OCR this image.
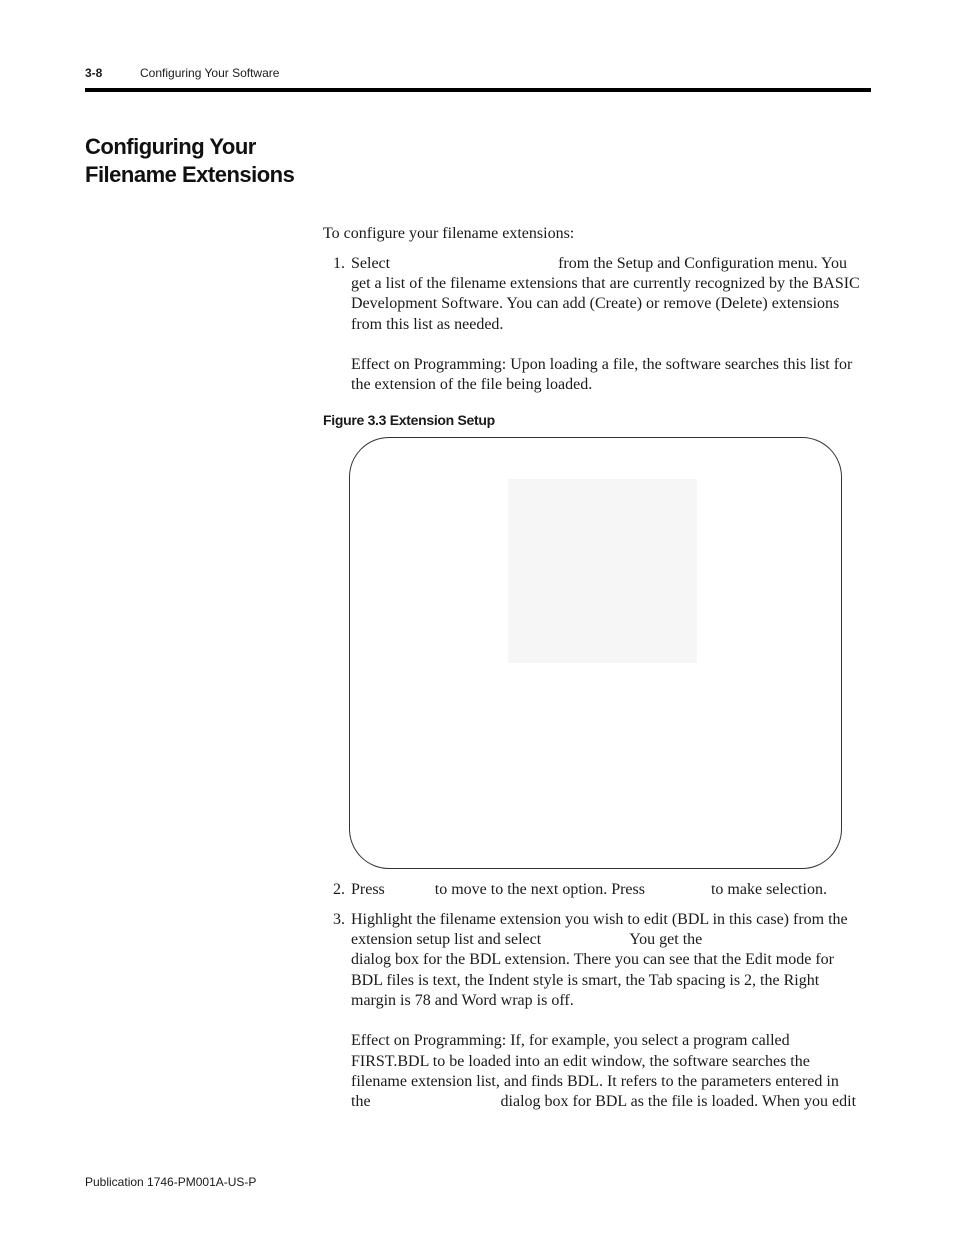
3-8	Configuring Your Software
Configuring Your
Filename Extensions

To configure your filename extensions:

1. Select	from the Setup and Configuration menu. You

get a list of the filename extensions that are currently recognized by the BASIC

Development Software. You can add (Create) or remove (Delete) extensions

from this list as needed.

Effect on Programming: Upon loading a file, the software searches this list for

the extension of the file being loaded.

Figure 3.3 Extension Setup
2. Press	to move to the next option. Press	to make selection.

3. Highlight the filename extension you wish to edit (BDL in this case) from the

extension setup list and select	You get the

dialog box for the BDL extension. There you can see that the Edit mode for

BDL files is text, the Indent style is smart, the Tab spacing is 2, the Right

margin is 78 and Word wrap is off.

Effect on Programming: If, for example, you select a program called

FIRST.BDL to be loaded into an edit window, the software searches the

filename extension list, and finds BDL. It refers to the parameters entered in

the	dialog box for BDL as the file is loaded. When you edit

Publication 1746-PM001A-US-P
